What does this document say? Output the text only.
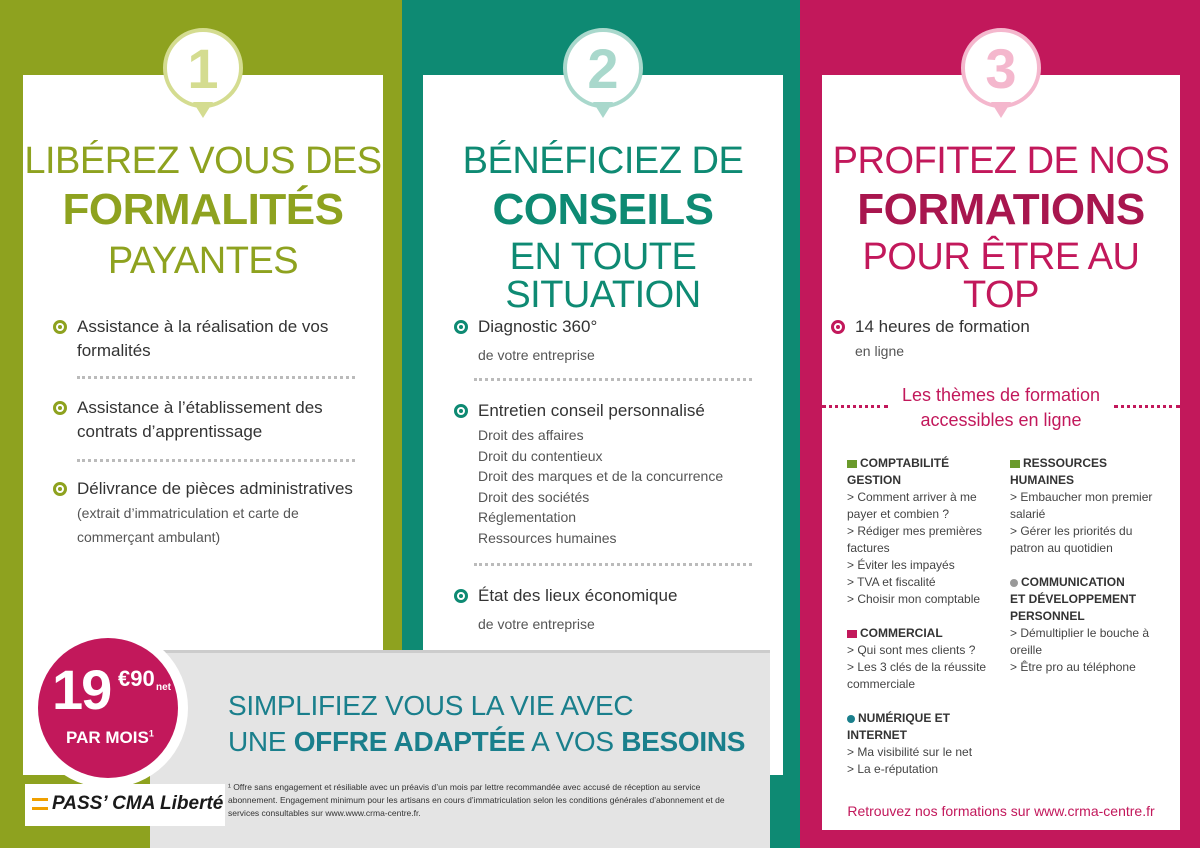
1	2	3
LIBÉREZ VOUS DES
FORMALITÉS
PAYANTES
Assistance à la réalisation de vos formalités
Assistance à l’établissement des contrats d’apprentissage
Délivrance de pièces administratives (extrait d’immatriculation et carte de commerçant ambulant)
BÉNÉFICIEZ DE
CONSEILS
EN TOUTE SITUATION
Diagnostic 360°
de votre entreprise
Entretien conseil personnalisé
Droit des affaires
Droit du contentieux
Droit des marques et de la concurrence
Droit des sociétés
Réglementation
Ressources humaines
État des lieux économique
de votre entreprise
PROFITEZ DE NOS
FORMATIONS
POUR ÊTRE AU TOP
14 heures de formation
en ligne
Les thèmes de formation
accessibles en ligne
COMPTABILITÉ
GESTION
> Comment arriver à me
payer et combien ?
> Rédiger mes premières
factures
> Éviter les impayés
> TVA et fiscalité
> Choisir mon comptable
COMMERCIAL
> Qui sont mes clients ?
> Les 3 clés de la réussite
commerciale
NUMÉRIQUE ET
INTERNET
> Ma visibilité sur le net
> La e-réputation
RESSOURCES
HUMAINES
> Embaucher mon premier
salarié
> Gérer les priorités du
patron au quotidien
COMMUNICATION
ET DÉVELOPPEMENT
PERSONNEL
> Démultiplier le bouche à
oreille
> Être pro au téléphone
Retrouvez nos formations sur www.crma-centre.fr
SIMPLIFIEZ VOUS LA VIE AVEC
UNE OFFRE ADAPTÉE A VOS BESOINS
¹ Offre sans engagement et résiliable avec un préavis d’un mois par lettre recommandée avec accusé de réception au service abonnement. Engagement minimum pour les artisans en cours d’immatriculation selon les conditions générales d’abonnement et de services consultables sur www.www.crma-centre.fr.
19 €90 net
PAR MOIS$^1$
PASS’ CMA Liberté
